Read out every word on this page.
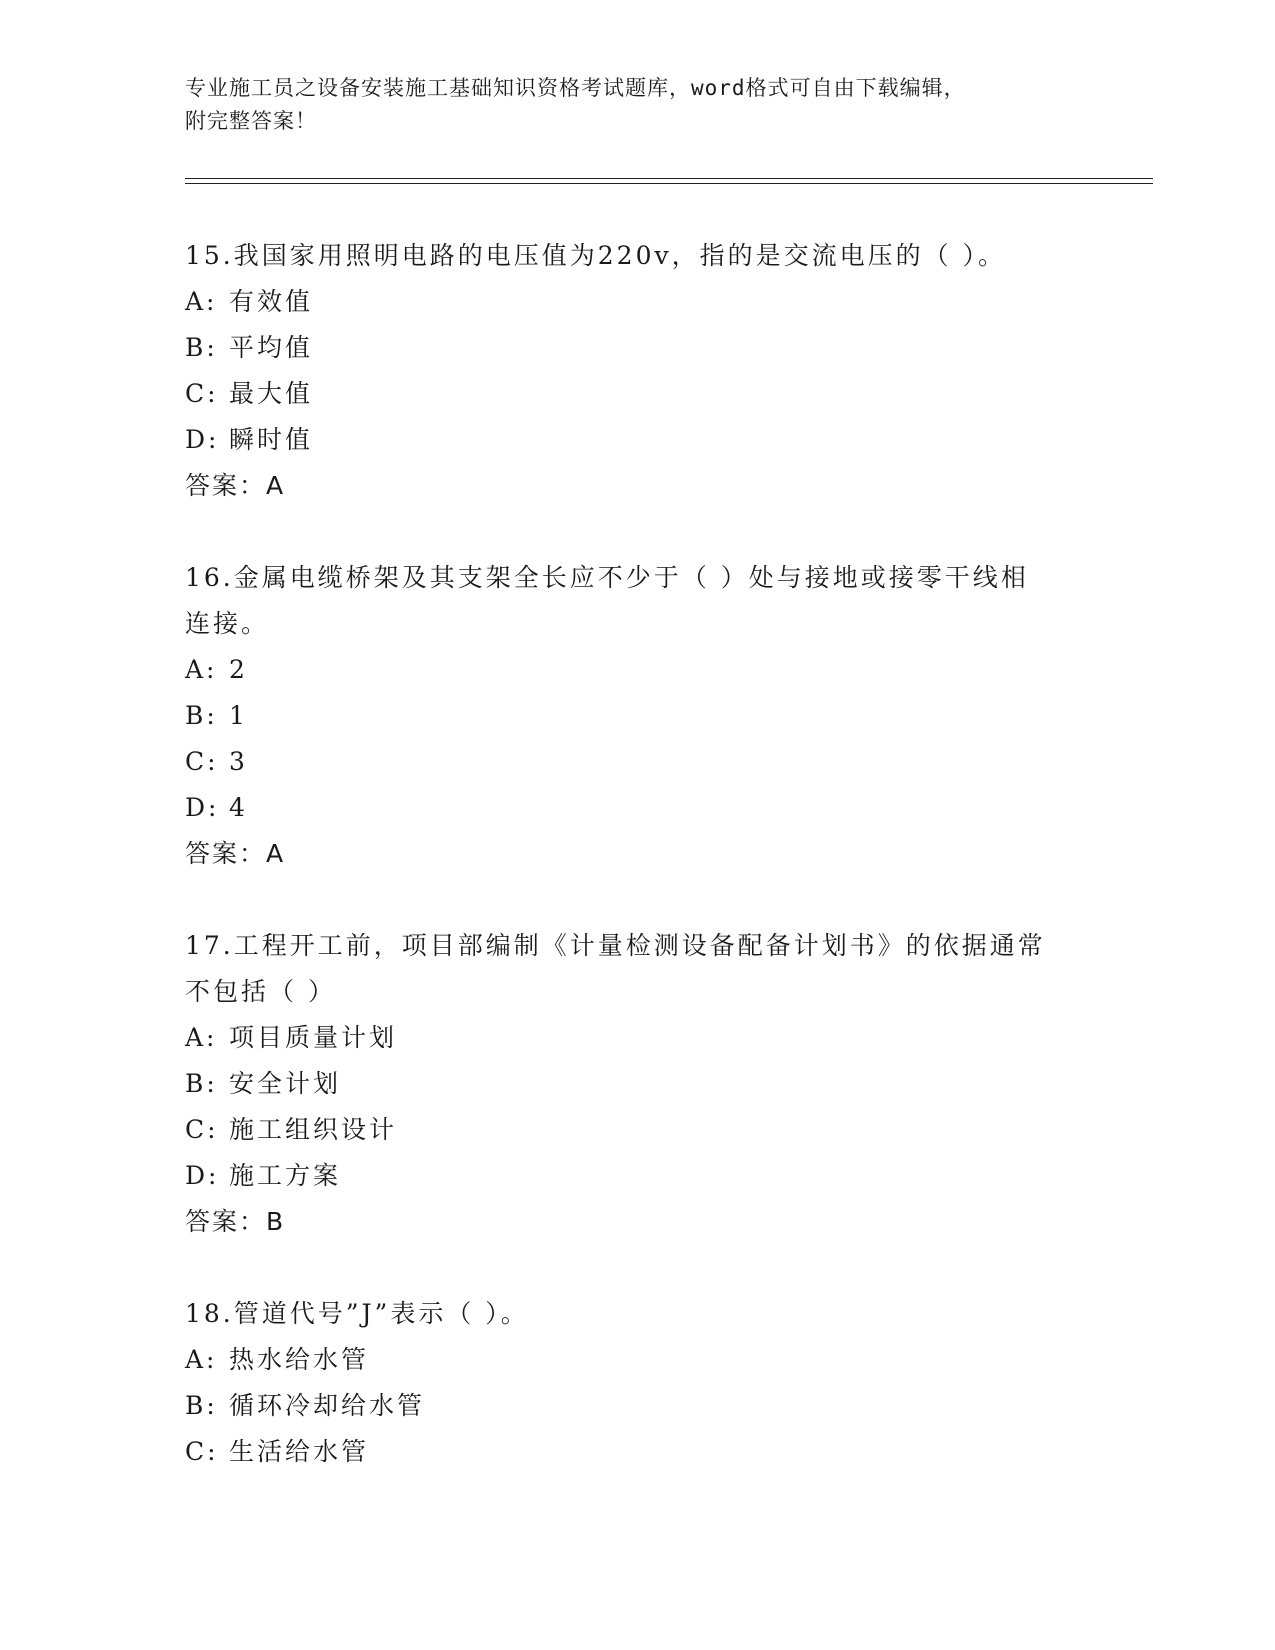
专业施工员之设备安装施工基础知识资格考试题库，word格式可自由下载编辑，
附完整答案！
15.我国家用照明电路的电压值为220v，指的是交流电压的（ ）。
A: 有效值
B: 平均值
C: 最大值
D: 瞬时值
答案：A
16.金属电缆桥架及其支架全长应不少于（ ）处与接地或接零干线相
连接。
A: 2
B: 1
C: 3
D: 4
答案：A
17.工程开工前，项目部编制《计量检测设备配备计划书》的依据通常
不包括（ ）
A: 项目质量计划
B: 安全计划
C: 施工组织设计
D: 施工方案
答案：B
18.管道代号”J”表示（ ）。
A: 热水给水管
B: 循环冷却给水管
C: 生活给水管
